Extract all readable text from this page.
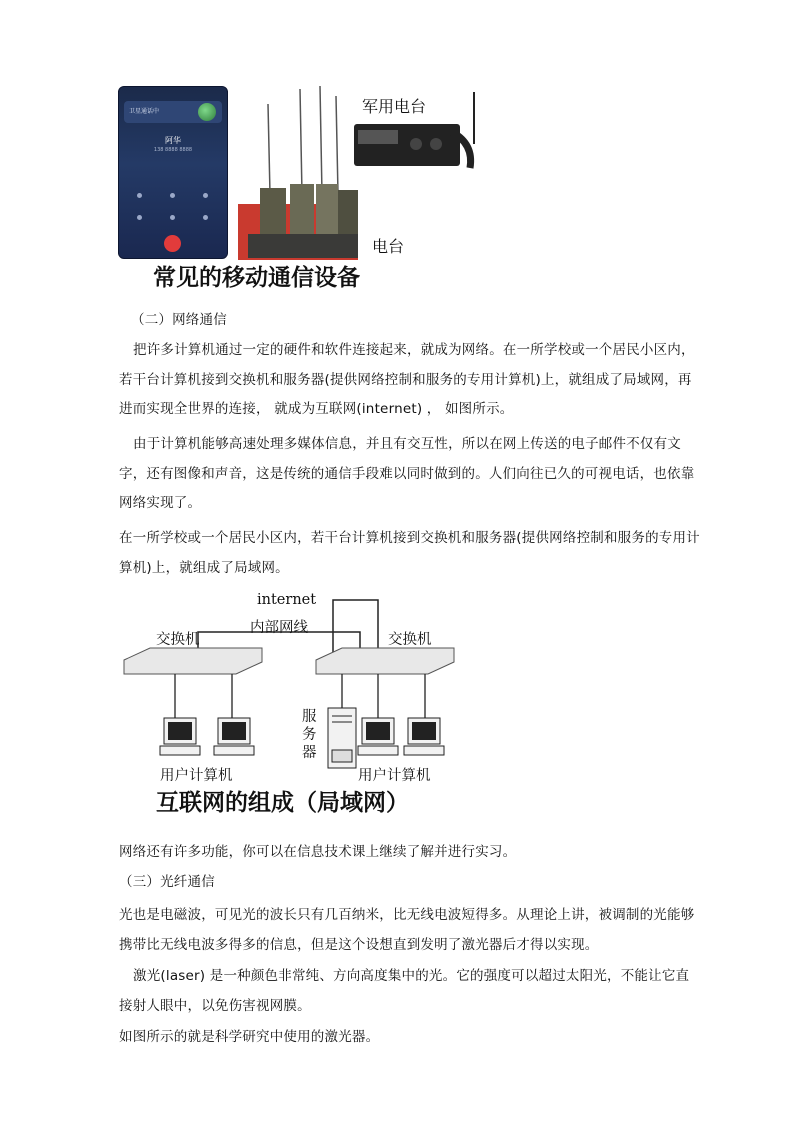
卫星通话中
阿华
138 8888 8888
军用电台
电台
常见的移动通信设备
（二）网络通信
把许多计算机通过一定的硬件和软件连接起来，就成为网络。在一所学校或一个居民小区内，若干台计算机接到交换机和服务器(提供网络控制和服务的专用计算机)上，就组成了局域网，再进而实现全世界的连接， 就成为互联网(internet) ， 如图所示。
由于计算机能够高速处理多媒体信息，并且有交互性，所以在网上传送的电子邮件不仅有文字，还有图像和声音，这是传统的通信手段难以同时做到的。人们向往已久的可视电话，也依靠网络实现了。
在一所学校或一个居民小区内，若干台计算机接到交换机和服务器(提供网络控制和服务的专用计算机)上，就组成了局域网。
internet
内部网线
交换机	交换机
服务器
用户计算机	用户计算机
互联网的组成（局域网）
网络还有许多功能，你可以在信息技术课上继续了解并进行实习。
（三）光纤通信
光也是电磁波，可见光的波长只有几百纳米，比无线电波短得多。从理论上讲，被调制的光能够携带比无线电波多得多的信息，但是这个设想直到发明了激光器后才得以实现。
激光(laser) 是一种颜色非常纯、方向高度集中的光。它的强度可以超过太阳光，不能让它直接射人眼中，以免伤害视网膜。
如图所示的就是科学研究中使用的激光器。
